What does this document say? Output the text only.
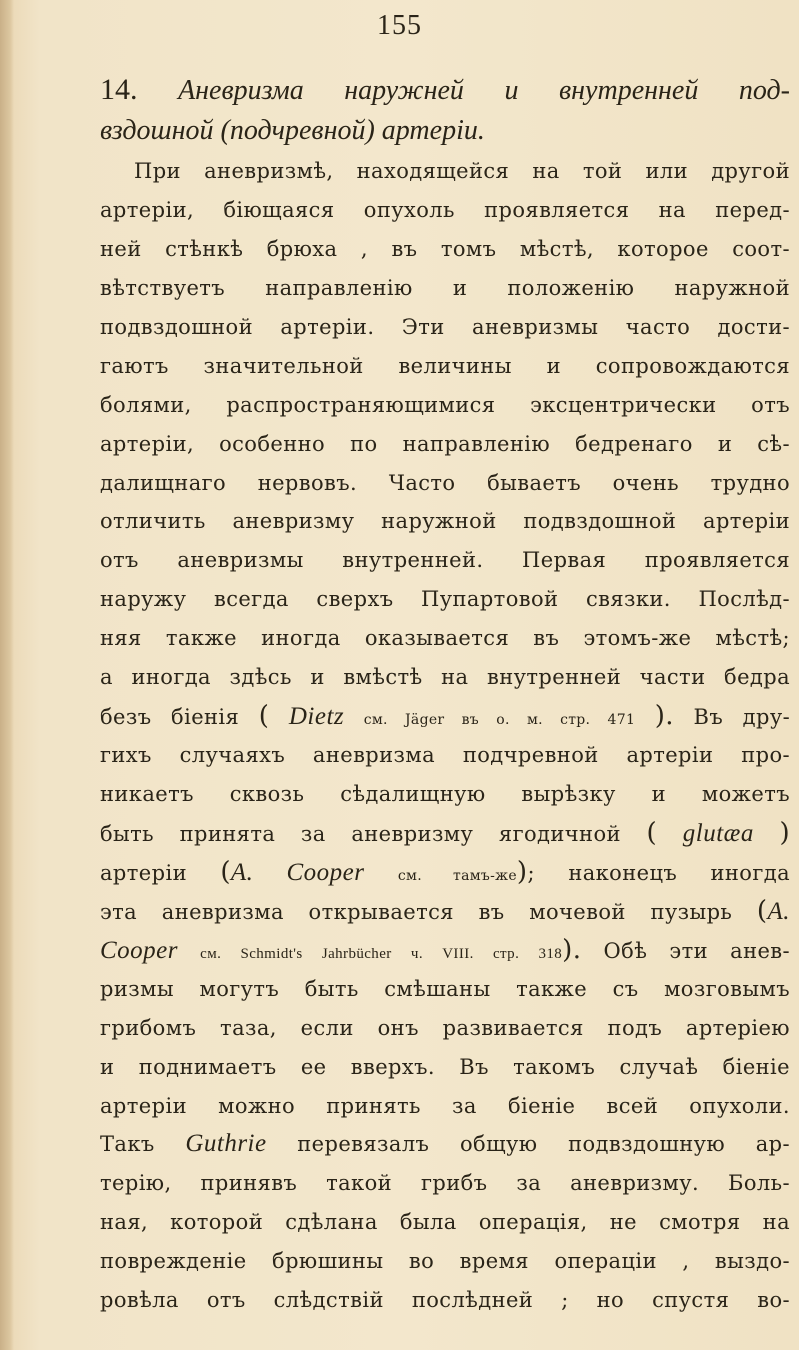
155
14. Аневризма наружней и внутренней под-
вздошной (подчревной) артеріи.
При аневризмѣ, находящейся на той или другой
артеріи, біющаяся опухоль проявляется на перед-
ней стѣнкѣ брюха , въ томъ мѣстѣ, которое соот-
вѣтствуетъ направленію и положенію наружной
подвздошной артеріи. Эти аневризмы часто дости-
гаютъ значительной величины и сопровождаются
болями, распространяющимися эксцентрически отъ
артеріи, особенно по направленію бедренаго и сѣ-
далищнаго нервовъ. Часто бываетъ очень трудно
отличить аневризму наружной подвздошной артеріи
отъ аневризмы внутренней. Первая проявляется
наружу всегда сверхъ Пупартовой связки. Послѣд-
няя также иногда оказывается въ этомъ-же мѣстѣ;
а иногда здѣсь и вмѣстѣ на внутренней части бедра
безъ біенія ( Dietz см. Jäger въ о. м. стр. 471 ). Въ дру-
гихъ случаяхъ аневризма подчревной артеріи про-
никаетъ сквозь сѣдалищную вырѣзку и можетъ
быть принята за аневризму ягодичной ( glutæa )
артеріи (A. Cooper см. тамъ-же); наконецъ иногда
эта аневризма открывается въ мочевой пузырь (A.
Cooper см. Schmidt's Jahrbücher ч. VIII. стр. 318). Обѣ эти анев-
ризмы могутъ быть смѣшаны также съ мозговымъ
грибомъ таза, если онъ развивается подъ артеріею
и поднимаетъ ее вверхъ. Въ такомъ случаѣ біеніе
артеріи можно принять за біеніе всей опухоли.
Такъ Guthrie перевязалъ общую подвздошную ар-
терію, принявъ такой грибъ за аневризму. Боль-
ная, которой сдѣлана была операція, не смотря на
поврежденіе брюшины во время операціи , выздо-
ровѣла отъ слѣдствій послѣдней ; но спустя во-
